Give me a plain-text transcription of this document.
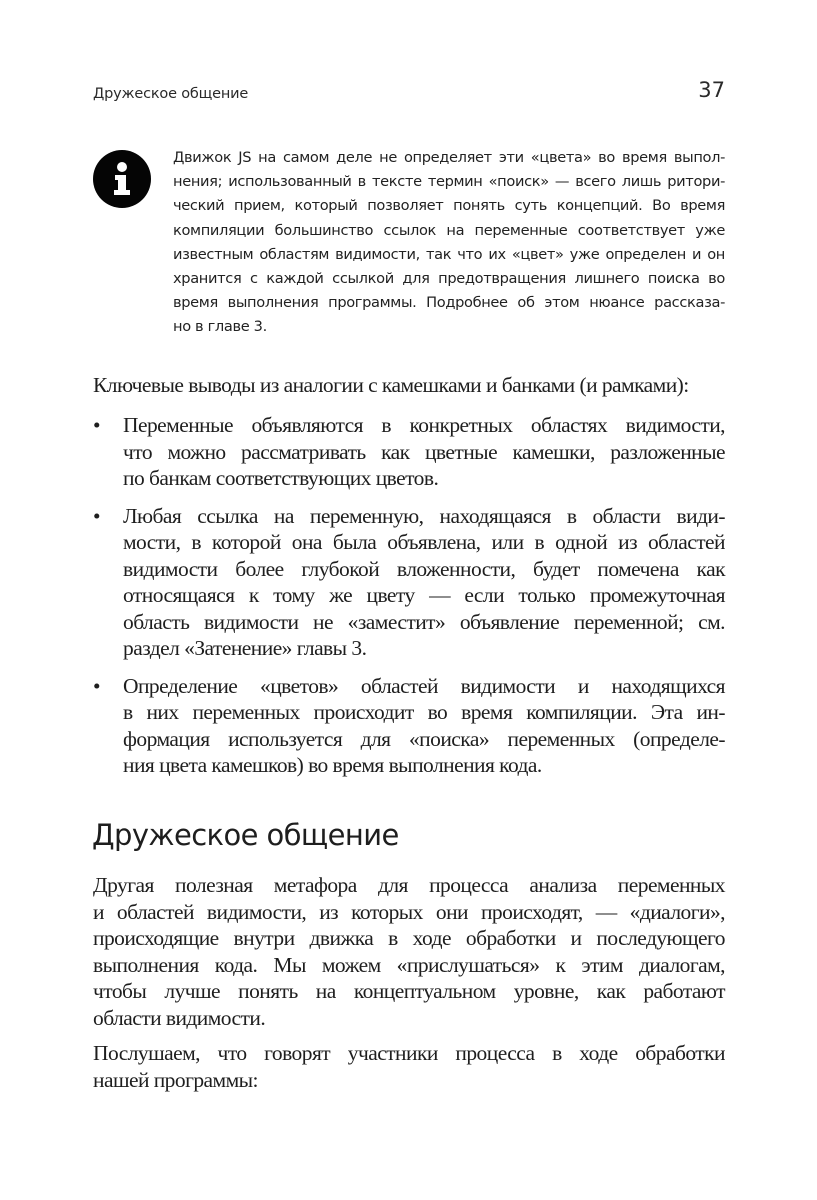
Дружеское общение	37
Движок JS на самом деле не определяет эти «цвета» во время выпол-
нения; использованный в тексте термин «поиск» — всего лишь ритори-
ческий прием, который позволяет понять суть концепций. Во время
компиляции большинство ссылок на переменные соответствует уже
известным областям видимости, так что их «цвет» уже определен и он
хранится с каждой ссылкой для предотвращения лишнего поиска во
время выполнения программы. Подробнее об этом нюансе рассказа-
но в главе 3.
Ключевые выводы из аналогии с камешками и банками (и рамками):
• Переменные объявляются в конкретных областях видимости,
что можно рассматривать как цветные камешки, разложенные
по банкам соответствующих цветов.
• Любая ссылка на переменную, находящаяся в области види-
мости, в которой она была объявлена, или в одной из областей
видимости более глубокой вложенности, будет помечена как
относящаяся к тому же цвету — если только промежуточная
область видимости не «заместит» объявление переменной; см.
раздел «Затенение» главы 3.
• Определение «цветов» областей видимости и находящихся
в них переменных происходит во время компиляции. Эта ин-
формация используется для «поиска» переменных (определе-
ния цвета камешков) во время выполнения кода.
Дружеское общение
Другая полезная метафора для процесса анализа переменных
и областей видимости, из которых они происходят, — «диалоги»,
происходящие внутри движка в ходе обработки и последующего
выполнения кода. Мы можем «прислушаться» к этим диалогам,
чтобы лучше понять на концептуальном уровне, как работают
области видимости.
Послушаем, что говорят участники процесса в ходе обработки
нашей программы:
